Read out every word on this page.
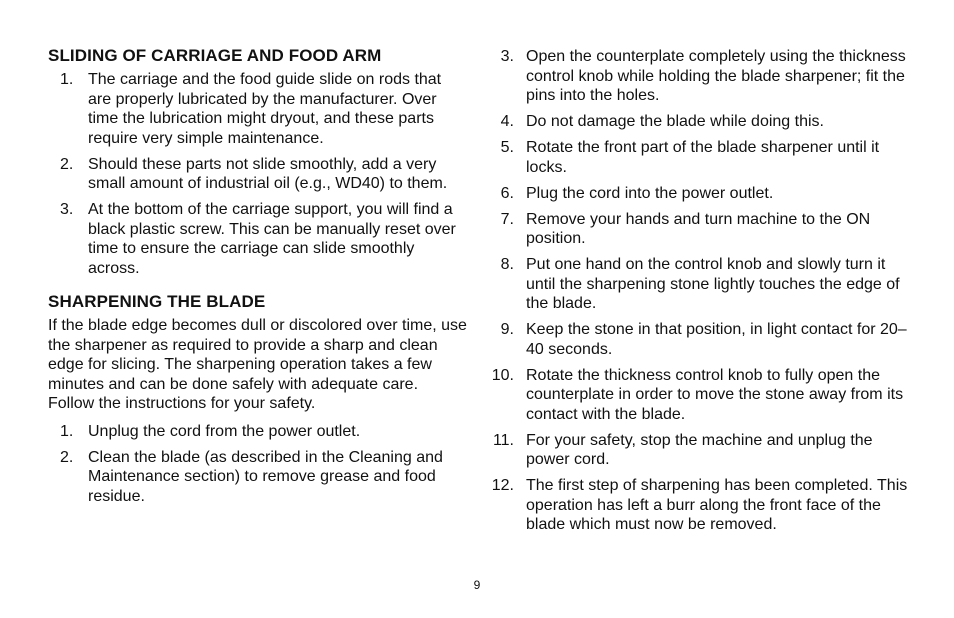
SLIDING OF CARRIAGE AND FOOD ARM
1. The carriage and the food guide slide on rods that are properly lubricated by the manufacturer. Over time the lubrication might dryout, and these parts require very simple maintenance.
2. Should these parts not slide smoothly, add a very small amount of industrial oil (e.g., WD40) to them.
3. At the bottom of the carriage support, you will find a black plastic screw. This can be manually reset over time to ensure the carriage can slide smoothly across.
SHARPENING THE BLADE

If the blade edge becomes dull or discolored over time, use the sharpener as required to provide a sharp and clean edge for slicing. The sharpening operation takes a few minutes and can be done safely with adequate care. Follow the instructions for your safety.

1. Unplug the cord from the power outlet.
2. Clean the blade (as described in the Cleaning and Maintenance section) to remove grease and food residue.
3. Open the counterplate completely using the thickness control knob while holding the blade sharpener; fit the pins into the holes.
4. Do not damage the blade while doing this.
5. Rotate the front part of the blade sharpener until it locks.
6. Plug the cord into the power outlet.
7. Remove your hands and turn machine to the ON position.
8. Put one hand on the control knob and slowly turn it until the sharpening stone lightly touches the edge of the blade.
9. Keep the stone in that position, in light contact for 20–40 seconds.
10. Rotate the thickness control knob to fully open the counterplate in order to move the stone away from its contact with the blade.
11. For your safety, stop the machine and unplug the power cord.
12. The first step of sharpening has been completed. This operation has left a burr along the front face of the blade which must now be removed.
9
